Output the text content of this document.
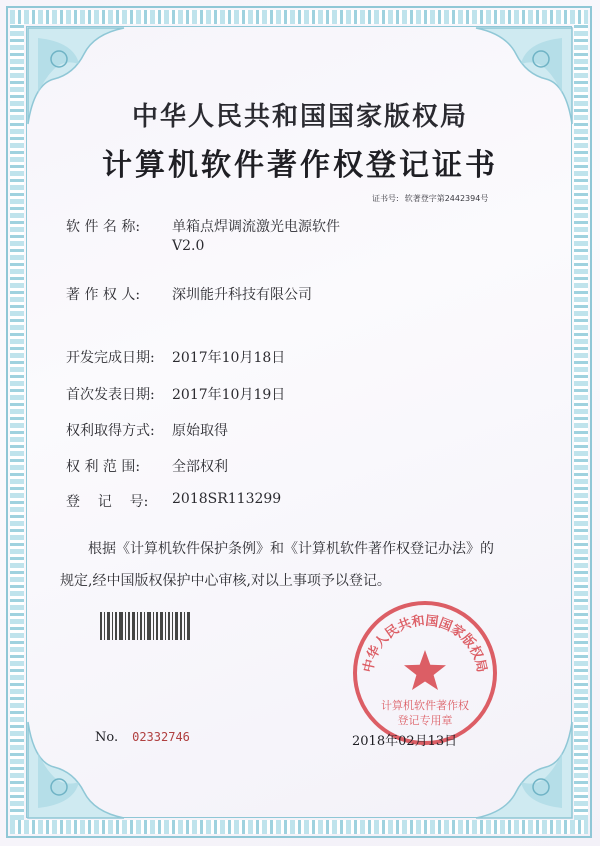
中华人民共和国国家版权局
计算机软件著作权登记证书
证书号: 软著登字第2442394号
软 件 名 称: 单箱点焊调流激光电源软件
V2.0
著 作 权 人: 深圳能升科技有限公司
开发完成日期: 2017年10月18日
首次发表日期: 2017年10月19日
权利取得方式: 原始取得
权 利 范 围: 全部权利
登    记    号: 2018SR113299
根据《计算机软件保护条例》和《计算机软件著作权登记办法》的
规定,经中国版权保护中心审核,对以上事项予以登记。
中华人民共和国国家版权局
计算机软件著作权
登记专用章
No. 02332746	2018年02月13日
